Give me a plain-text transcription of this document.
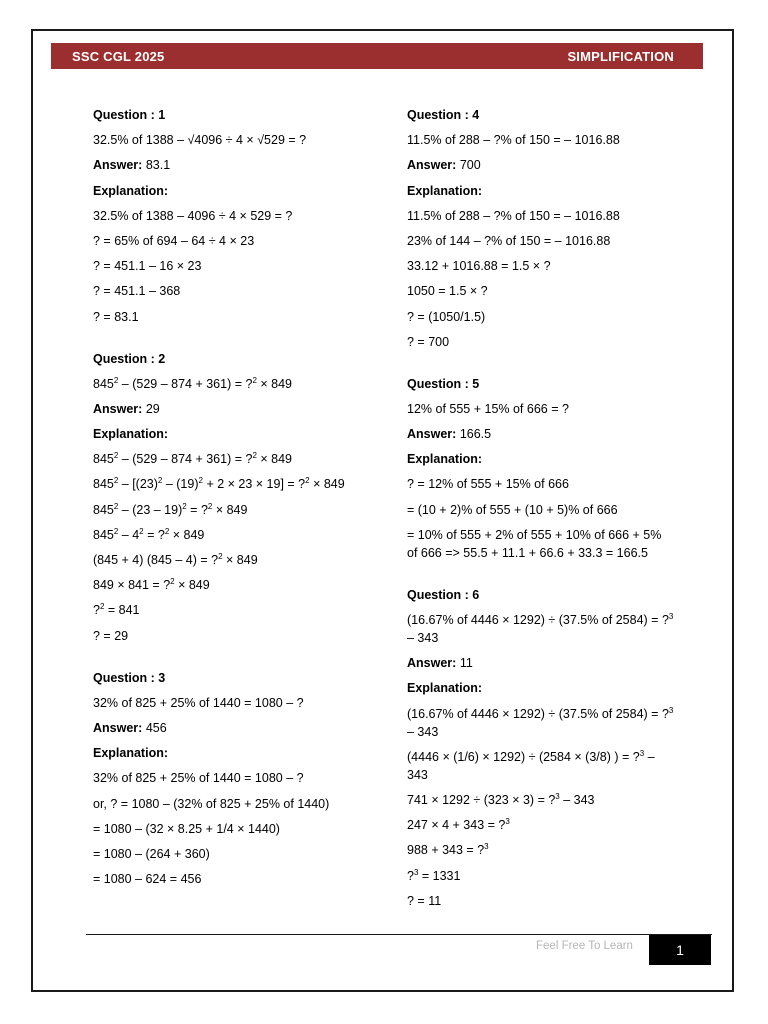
SSC CGL 2025	SIMPLIFICATION
Question : 1
32.5% of 1388 – √4096 ÷ 4 × √529 = ?
Answer: 83.1
Explanation:
32.5% of 1388 – 4096 ÷ 4 × 529 = ?
? = 65% of 694 – 64 ÷ 4 × 23
? = 451.1 – 16 × 23
? = 451.1 – 368
? = 83.1
Question : 2
$845^2 - (529 - 874 + 361)$ = ?$^2$ × 849
Answer: 29
Explanation:
$845^2 - (529 - 874 + 361)$ = ?$^2$ × 849
$845^2 - [(23)^2 - (19)^2 + 2 \times 23 \times 19]$ = ?$^2$ × 849
$845^2 - (23 - 19)^2$ = ?$^2$ × 849
$845^2 - 4^2$ = ?$^2$ × 849
(845 + 4) (845 – 4) = ?$^2$ × 849
849 × 841 = ?$^2$ × 849
?$^2$ = 841
? = 29
Question : 3
32% of 825 + 25% of 1440 = 1080 – ?
Answer: 456
Explanation:
32% of 825 + 25% of 1440 = 1080 – ?
or, ? = 1080 – (32% of 825 + 25% of 1440)
= 1080 – (32 × 8.25 + 1/4 × 1440)
= 1080 – (264 + 360)
= 1080 – 624 = 456
Question : 4
11.5% of 288 – ?% of 150 = – 1016.88
Answer: 700
Explanation:
11.5% of 288 – ?% of 150 = – 1016.88
23% of 144 – ?% of 150 = – 1016.88
33.12 + 1016.88 = 1.5 × ?
1050 = 1.5 × ?
? = (1050/1.5)
? = 700
Question : 5
12% of 555 + 15% of 666 = ?
Answer: 166.5
Explanation:
? = 12% of 555 + 15% of 666
= (10 + 2)% of 555 + (10 + 5)% of 666
= 10% of 555 + 2% of 555 + 10% of 666 + 5% of 666 => 55.5 + 11.1 + 66.6 + 33.3 = 166.5
Question : 6
(16.67% of 4446 × 1292) ÷ (37.5% of 2584) = ?$^3$ – 343
Answer: 11
Explanation:
(16.67% of 4446 × 1292) ÷ (37.5% of 2584) = ?$^3$ – 343
(4446 × (1/6) × 1292) ÷ (2584 × (3/8) ) = ?$^3$ – 343
741 × 1292 ÷ (323 × 3) = ?$^3$ – 343
247 × 4 + 343 = ?$^3$
988 + 343 = ?$^3$
?$^3$ = 1331
? = 11
Feel Free To Learn	1
